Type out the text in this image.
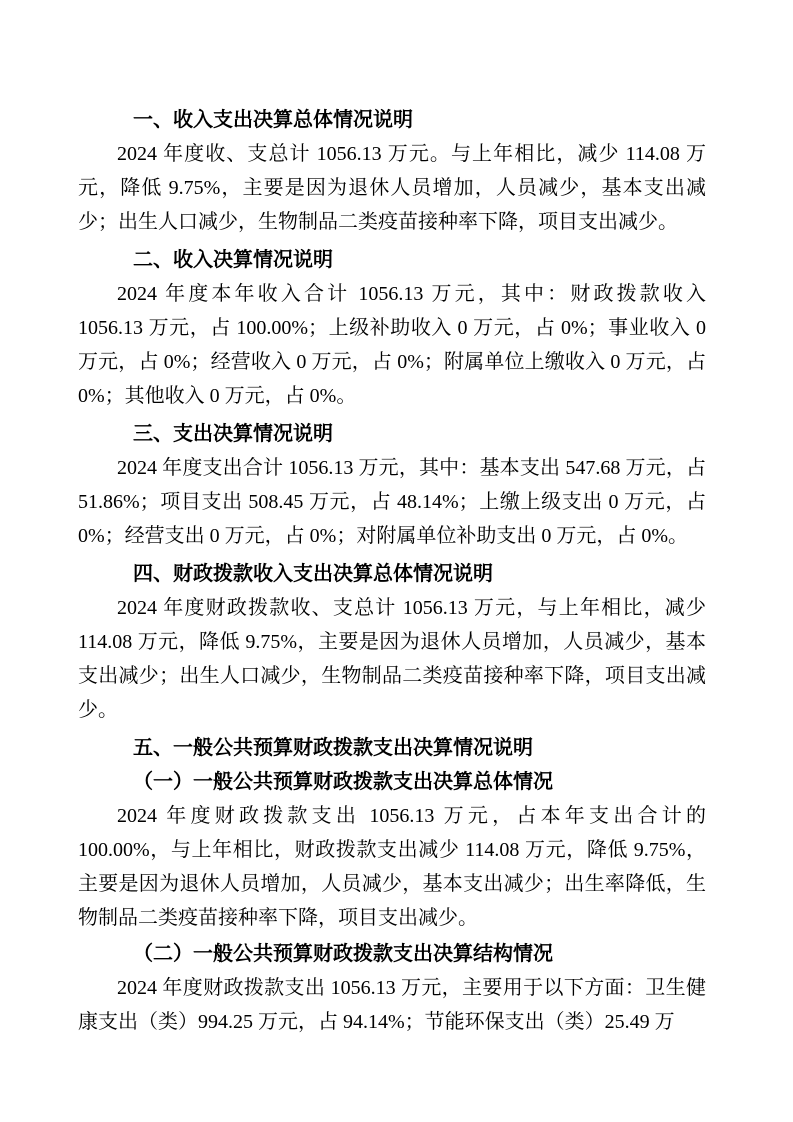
一、收入支出决算总体情况说明

2024 年度收、支总计 1056.13 万元。与上年相比，减少 114.08 万元，降低 9.75%，主要是因为退休人员增加，人员减少，基本支出减少；出生人口减少，生物制品二类疫苗接种率下降，项目支出减少。

二、收入决算情况说明

2024 年度本年收入合计 1056.13 万元，其中：财政拨款收入 1056.13 万元，占 100.00%；上级补助收入 0 万元，占 0%；事业收入 0 万元，占 0%；经营收入 0 万元，占 0%；附属单位上缴收入 0 万元，占 0%；其他收入 0 万元，占 0%。

三、支出决算情况说明

2024 年度支出合计 1056.13 万元，其中：基本支出 547.68 万元，占 51.86%；项目支出 508.45 万元，占 48.14%；上缴上级支出 0 万元，占 0%；经营支出 0 万元，占 0%；对附属单位补助支出 0 万元，占 0%。

四、财政拨款收入支出决算总体情况说明

2024 年度财政拨款收、支总计 1056.13 万元，与上年相比，减少 114.08 万元，降低 9.75%，主要是因为退休人员增加，人员减少，基本支出减少；出生人口减少，生物制品二类疫苗接种率下降，项目支出减少。

五、一般公共预算财政拨款支出决算情况说明
（一）一般公共预算财政拨款支出决算总体情况

2024 年度财政拨款支出 1056.13 万元，占本年支出合计的 100.00%，与上年相比，财政拨款支出减少 114.08 万元，降低 9.75%，主要是因为退休人员增加，人员减少，基本支出减少；出生率降低，生物制品二类疫苗接种率下降，项目支出减少。

（二）一般公共预算财政拨款支出决算结构情况

2024 年度财政拨款支出 1056.13 万元，主要用于以下方面：卫生健康支出（类）994.25 万元，占 94.14%；节能环保支出（类）25.49 万
